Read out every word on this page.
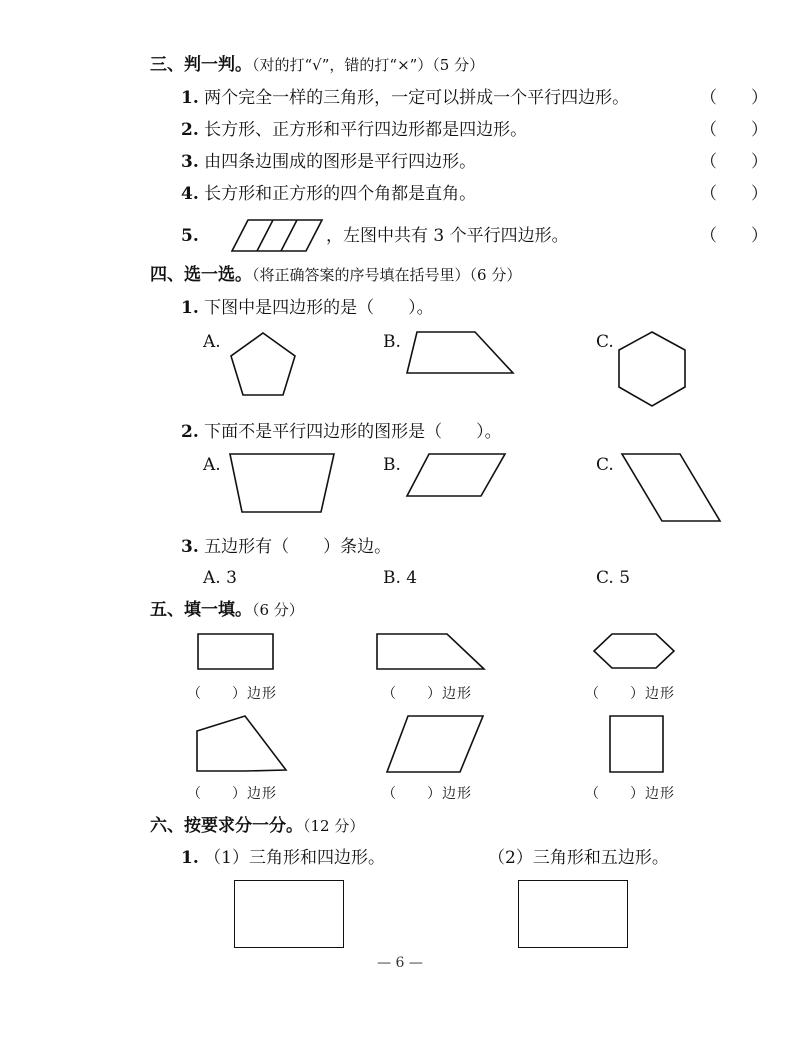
三、判一判。（对的打“√”，错的打“×”）（5 分）
1. 两个完全一样的三角形，一定可以拼成一个平行四边形。	（　　）
2. 长方形、正方形和平行四边形都是四边形。	（　　）
3. 由四条边围成的图形是平行四边形。	（　　）
4. 长方形和正方形的四个角都是直角。	（　　）
5.	，左图中共有 3 个平行四边形。	（　　）
四、选一选。（将正确答案的序号填在括号里）（6 分）
1. 下图中是四边形的是（　　）。
A.	B.	C.
2. 下面不是平行四边形的图形是（　　）。
A.	B.	C.
3. 五边形有（　　）条边。
A. 3	B. 4	C. 5
五、填一填。（6 分）
（　　）边形	（　　）边形	（　　）边形
（　　）边形	（　　）边形	（　　）边形
六、按要求分一分。（12 分）
1. （1）三角形和四边形。	（2）三角形和五边形。
— 6 —
